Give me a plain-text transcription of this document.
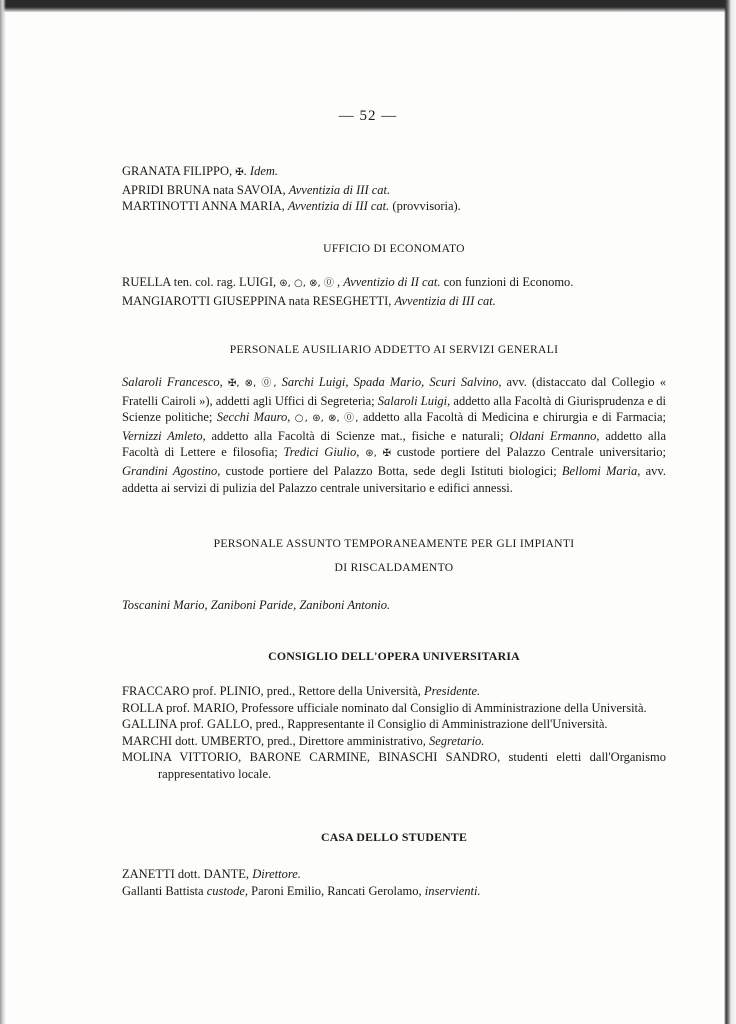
— 52 —
GRANATA FILIPPO, ✠. Idem.
APRIDI BRUNA nata SAVOIA, Avventizia di III cat.
MARTINOTTI ANNA MARIA, Avventizia di III cat. (provvisoria).
UFFICIO DI ECONOMATO
RUELLA ten. col. rag. LUIGI, ⊛, ○, ⊗, ⓪ , Avventizio di II cat. con funzioni di Economo.
MANGIAROTTI GIUSEPPINA nata RESEGHETTI, Avventizia di III cat.
PERSONALE AUSILIARIO ADDETTO AI SERVIZI GENERALI
Salaroli Francesco, ✠, ⊗, ⓪, Sarchi Luigi, Spada Mario, Scuri Salvino, avv. (distaccato dal Collegio « Fratelli Cairoli »), addetti agli Uffici di Segreteria; Salaroli Luigi, addetto alla Facoltà di Giurisprudenza e di Scienze politiche; Secchi Mauro, ○, ⊛, ⊗, ⓪, addetto alla Facoltà di Medicina e chirurgia e di Farmacia; Vernizzi Amleto, addetto alla Facoltà di Scienze mat., fisiche e naturali; Oldani Ermanno, addetto alla Facoltà di Lettere e filosofia; Tredici Giulio, ⊛, ✠ custode portiere del Palazzo Centrale universitario; Grandini Agostino, custode portiere del Palazzo Botta, sede degli Istituti biologici; Bellomi Maria, avv. addetta ai servizi di pulizia del Palazzo centrale universitario e edifici annessi.
PERSONALE ASSUNTO TEMPORANEAMENTE PER GLI IMPIANTI
DI RISCALDAMENTO
Toscanini Mario, Zaniboni Paride, Zaniboni Antonio.
CONSIGLIO DELL'OPERA UNIVERSITARIA
FRACCARO prof. PLINIO, pred., Rettore della Università, Presidente.
ROLLA prof. MARIO, Professore ufficiale nominato dal Consiglio di Amministrazione della Università.
GALLINA prof. GALLO, pred., Rappresentante il Consiglio di Amministrazione dell'Università.
MARCHI dott. UMBERTO, pred., Direttore amministrativo, Segretario.
MOLINA VITTORIO, BARONE CARMINE, BINASCHI SANDRO, studenti eletti dall'Organismo rappresentativo locale.
CASA DELLO STUDENTE
ZANETTI dott. DANTE, Direttore.
Gallanti Battista custode, Paroni Emilio, Rancati Gerolamo, inservienti.
